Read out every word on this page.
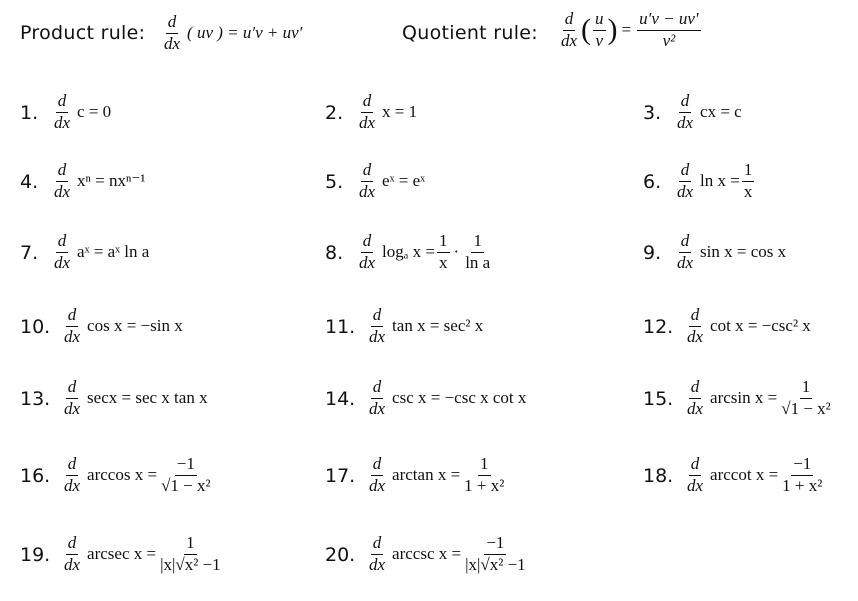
Product rule: $\frac{d}{dx}$ ( uv ) = u′v + uv′	Quotient rule: $\frac{d}{dx}$ ( $\frac{u}{v}$ ) = $\frac{u'v - uv'}{\text{v²}}$
1. $\frac{d}{dx}$ c = 0	2. $\frac{d}{dx}$ x = 1	3. $\frac{d}{dx}$ cx = c
4. $\frac{d}{dx}$ xⁿ = nxⁿ⁻¹	5. $\frac{d}{dx}$ eˣ = eˣ	6. $\frac{d}{dx}$ $\ln x = \frac{1}{x}$
7. $\frac{d}{dx}$ aˣ = aˣ ln a	8. $\frac{d}{dx}$ logₐ $x = \frac{1}{x} \cdot \frac{1}{\text{ln a}}$	9. $\frac{d}{dx}$ sin x = cos x
10. $\frac{d}{dx}$ cos x = −sin x	11. $\frac{d}{dx}$ tan x = sec² x	12. $\frac{d}{dx}$ cot x = −csc² x
13. $\frac{d}{dx}$ secx = sec x tan x	14. $\frac{d}{dx}$ csc x = −csc x cot x	15. $\frac{d}{dx}$ $\arcsin x = \frac{1}{\text{√1 − x²}}$
16. $\frac{d}{dx}$ $\arccos x = \frac{-1}{\text{√1 − x²}}$	17. $\frac{d}{dx}$ $\arctan x = \frac{1}{\text{1 + x²}}$	18. $\frac{d}{dx}$ arccot $x = \frac{-1}{\text{1 + x²}}$
19. $\frac{d}{dx}$ arcsec $x = \frac{1}{\text{|x|√x² −1}}$	20. $\frac{d}{dx}$ arccsc $x = \frac{-1}{\text{|x|√x² −1}}$
